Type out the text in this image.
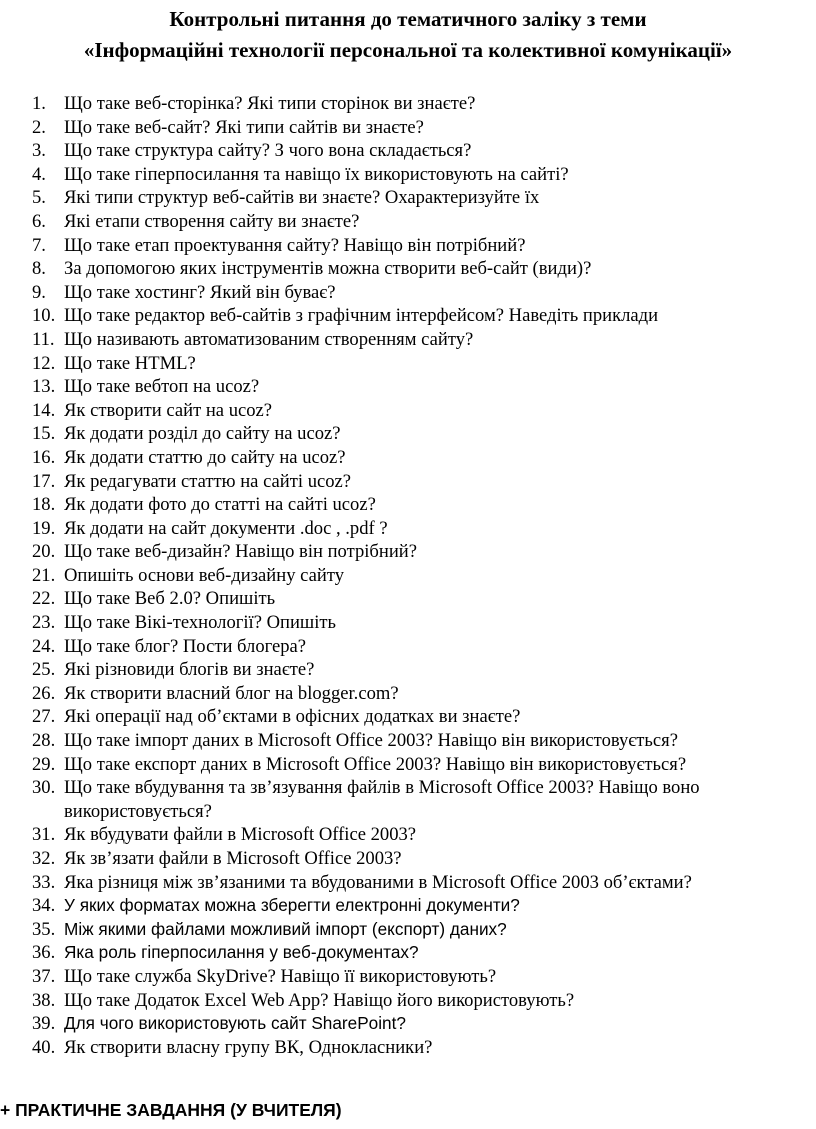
Контрольні питання до тематичного заліку з теми
«Інформаційні технології персональної та колективної комунікації»
1. Що таке веб-сторінка? Які типи сторінок ви знаєте?
2. Що таке веб-сайт? Які типи сайтів ви знаєте?
3. Що таке структура сайту? З чого вона складається?
4. Що таке гіперпосилання та навіщо їх використовують на сайті?
5. Які типи структур веб-сайтів ви знаєте? Охарактеризуйте їх
6. Які етапи створення сайту ви знаєте?
7. Що таке етап проектування сайту? Навіщо він потрібний?
8. За допомогою яких інструментів можна створити веб-сайт (види)?
9. Що таке хостинг? Який він буває?
10. Що таке редактор веб-сайтів з графічним інтерфейсом? Наведіть приклади
11. Що називають автоматизованим створенням сайту?
12. Що таке HTML?
13. Що таке вебтоп на ucoz?
14. Як створити сайт на ucoz?
15. Як додати розділ до сайту на ucoz?
16. Як додати статтю до сайту на ucoz?
17. Як редагувати статтю на сайті ucoz?
18. Як додати фото до статті на сайті ucoz?
19. Як додати на сайт документи .doc , .pdf ?
20. Що таке веб-дизайн? Навіщо він потрібний?
21. Опишіть основи веб-дизайну сайту
22. Що таке Веб 2.0? Опишіть
23. Що таке Вікі-технології? Опишіть
24. Що таке блог? Пости блогера?
25. Які різновиди блогів ви знаєте?
26. Як створити власний блог на blogger.com?
27. Які операції над об’єктами в офісних додатках ви знаєте?
28. Що таке імпорт даних в Microsoft Office 2003? Навіщо він використовується?
29. Що таке експорт даних в Microsoft Office 2003? Навіщо він використовується?
30. Що таке вбудування та зв’язування файлів в Microsoft Office 2003? Навіщо воно використовується?
31. Як вбудувати файли в Microsoft Office 2003?
32. Як зв’язати файли в Microsoft Office 2003?
33. Яка різниця між зв’язаними та вбудованими в Microsoft Office 2003 об’єктами?
34. У яких форматах можна зберегти електронні документи?
35. Між якими файлами можливий імпорт (експорт) даних?
36. Яка роль гіперпосилання у веб-документах?
37. Що таке служба SkyDrive? Навіщо її використовують?
38. Що таке Додаток Excel Web App? Навіщо його використовують?
39. Для чого використовують сайт SharePoint?
40. Як створити власну групу ВК, Однокласники?
+ ПРАКТИЧНЕ ЗАВДАННЯ (У ВЧИТЕЛЯ)
